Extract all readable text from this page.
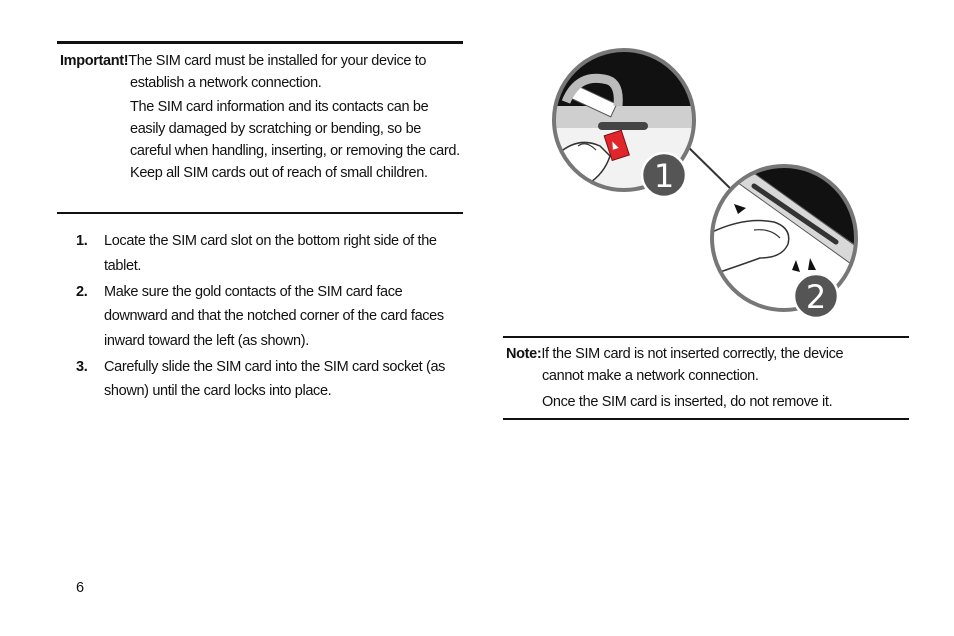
Important!The SIM card must be installed for your device to
establish a network connection.
The SIM card information and its contacts can be easily damaged by scratching or bending, so be careful when handling, inserting, or removing the card. Keep all SIM cards out of reach of small children.
1.	Locate the SIM card slot on the bottom right side of the tablet.
2.	Make sure the gold contacts of the SIM card face downward and that the notched corner of the card faces inward toward the left (as shown).
3.	Carefully slide the SIM card into the SIM card socket (as shown) until the card locks into place.
1
2
Note:If the SIM card is not inserted correctly, the device
cannot make a network connection.
Once the SIM card is inserted, do not remove it.
6
